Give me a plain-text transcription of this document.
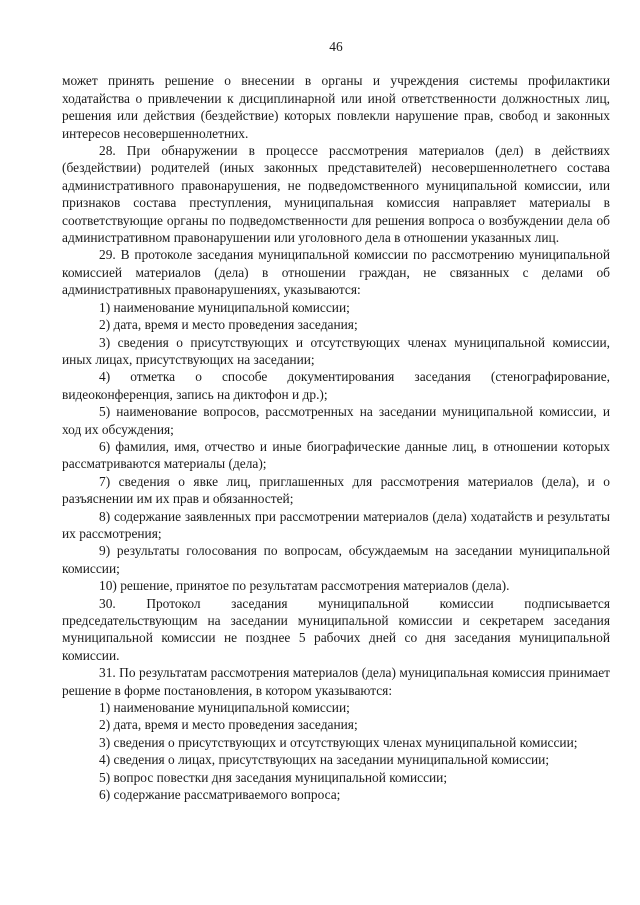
46

может принять решение о внесении в органы и учреждения системы профилактики ходатайства о привлечении к дисциплинарной или иной ответственности должностных лиц, решения или действия (бездействие) которых повлекли нарушение прав, свобод и законных интересов несовершеннолетних.

28. При обнаружении в процессе рассмотрения материалов (дел) в действиях (бездействии) родителей (иных законных представителей) несовершеннолетнего состава административного правонарушения, не подведомственного муниципальной комиссии, или признаков состава преступления, муниципальная комиссия направляет материалы в соответствующие органы по подведомственности для решения вопроса о возбуждении дела об административном правонарушении или уголовного дела в отношении указанных лиц.

29. В протоколе заседания муниципальной комиссии по рассмотрению муниципальной комиссией материалов (дела) в отношении граждан, не связанных с делами об административных правонарушениях, указываются:

1) наименование муниципальной комиссии;

2) дата, время и место проведения заседания;

3) сведения о присутствующих и отсутствующих членах муниципальной комиссии, иных лицах, присутствующих на заседании;

4) отметка о способе документирования заседания (стенографирование, видеоконференция, запись на диктофон и др.);

5) наименование вопросов, рассмотренных на заседании муниципальной комиссии, и ход их обсуждения;

6) фамилия, имя, отчество и иные биографические данные лиц, в отношении которых рассматриваются материалы (дела);

7) сведения о явке лиц, приглашенных для рассмотрения материалов (дела), и о разъяснении им их прав и обязанностей;

8) содержание заявленных при рассмотрении материалов (дела) ходатайств и результаты их рассмотрения;

9) результаты голосования по вопросам, обсуждаемым на заседании муниципальной комиссии;

10) решение, принятое по результатам рассмотрения материалов (дела).

30. Протокол заседания муниципальной комиссии подписывается председательствующим на заседании муниципальной комиссии и секретарем заседания муниципальной комиссии не позднее 5 рабочих дней со дня заседания муниципальной комиссии.

31. По результатам рассмотрения материалов (дела) муниципальная комиссия принимает решение в форме постановления, в котором указываются:

1) наименование муниципальной комиссии;

2) дата, время и место проведения заседания;

3) сведения о присутствующих и отсутствующих членах муниципальной комиссии;

4) сведения о лицах, присутствующих на заседании муниципальной комиссии;

5) вопрос повестки дня заседания муниципальной комиссии;

6) содержание рассматриваемого вопроса;
